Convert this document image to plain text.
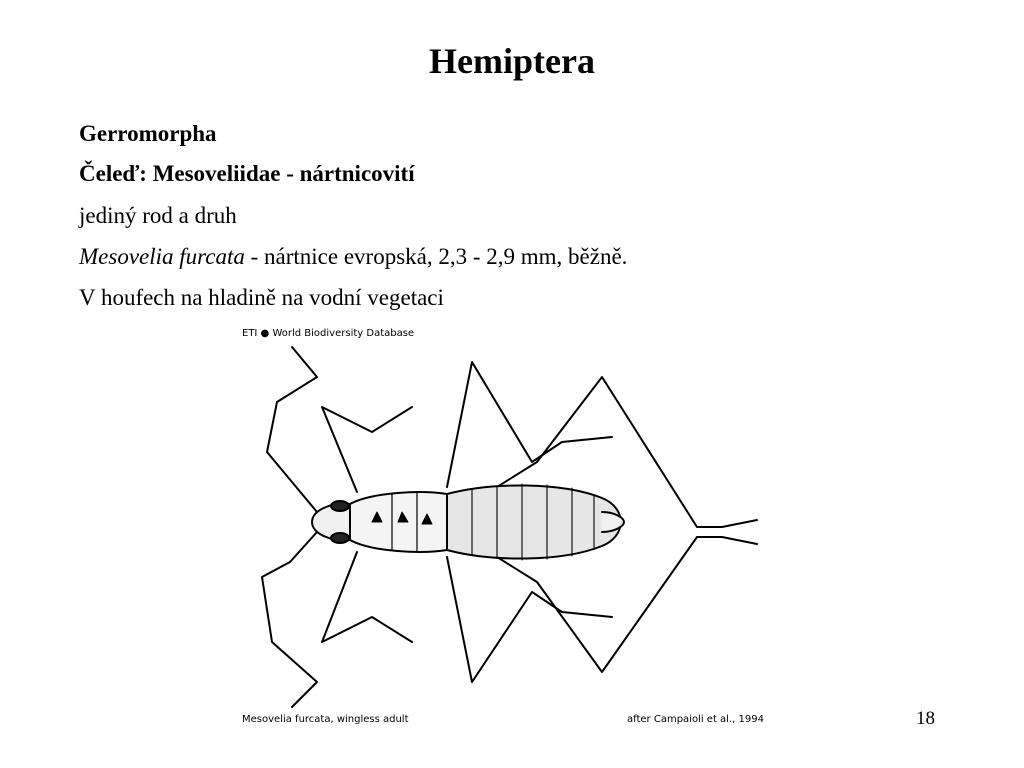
Hemiptera

Gerromorpha

Čeleď: Mesoveliidae - nártnicovití

jediný rod a druh

Mesovelia furcata - nártnice evropská, 2,3 - 2,9 mm, běžně.

V houfech na hladině na vodní vegetaci

ETI ● World Biodiversity Database
Mesovelia furcata, wingless adult	after Campaioli et al., 1994	18
